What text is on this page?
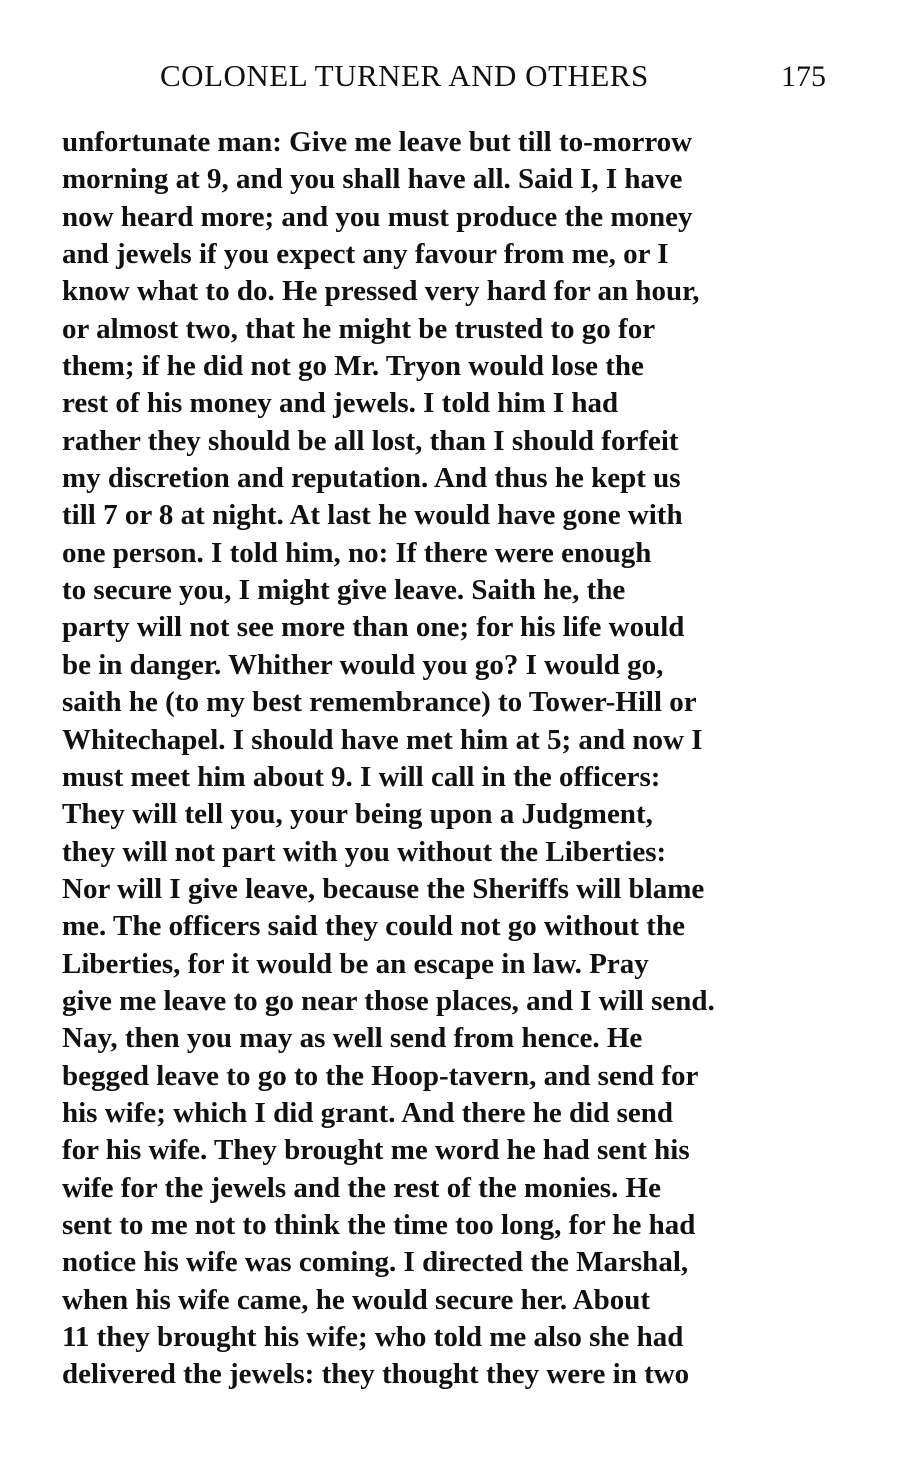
COLONEL TURNER AND OTHERS	175
unfortunate man: Give me leave but till to-morrow
morning at 9, and you shall have all. Said I, I have
now heard more; and you must produce the money
and jewels if you expect any favour from me, or I
know what to do. He pressed very hard for an hour,
or almost two, that he might be trusted to go for
them; if he did not go Mr. Tryon would lose the
rest of his money and jewels. I told him I had
rather they should be all lost, than I should forfeit
my discretion and reputation. And thus he kept us
till 7 or 8 at night. At last he would have gone with
one person. I told him, no: If there were enough
to secure you, I might give leave. Saith he, the
party will not see more than one; for his life would
be in danger. Whither would you go? I would go,
saith he (to my best remembrance) to Tower-Hill or
Whitechapel. I should have met him at 5; and now I
must meet him about 9. I will call in the officers:
They will tell you, your being upon a Judgment,
they will not part with you without the Liberties:
Nor will I give leave, because the Sheriffs will blame
me. The officers said they could not go without the
Liberties, for it would be an escape in law. Pray
give me leave to go near those places, and I will send.
Nay, then you may as well send from hence. He
begged leave to go to the Hoop-tavern, and send for
his wife; which I did grant. And there he did send
for his wife. They brought me word he had sent his
wife for the jewels and the rest of the monies. He
sent to me not to think the time too long, for he had
notice his wife was coming. I directed the Marshal,
when his wife came, he would secure her. About
11 they brought his wife; who told me also she had
delivered the jewels: they thought they were in two
